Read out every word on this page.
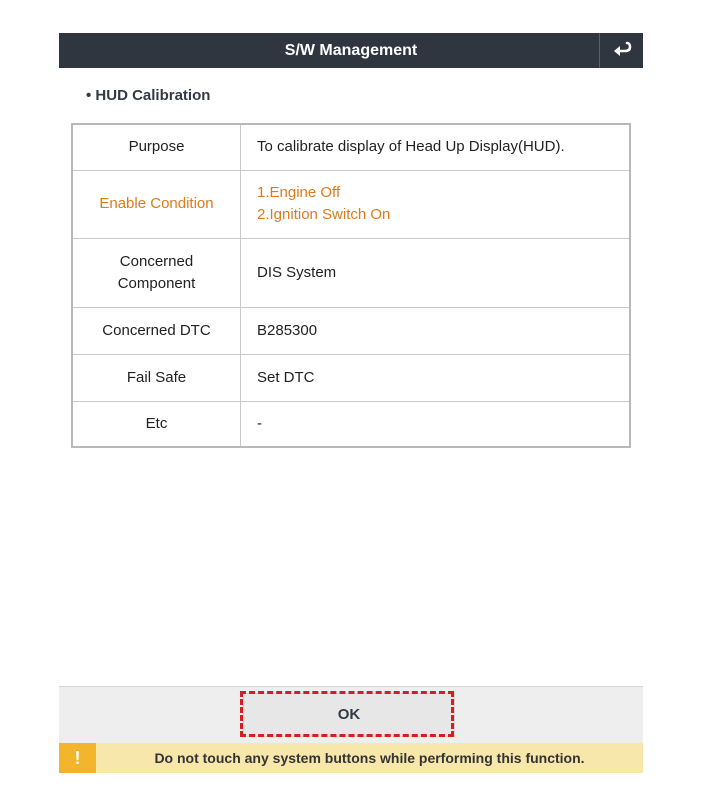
S/W Management
• HUD Calibration
Purpose	To calibrate display of Head Up Display(HUD).
Enable Condition	1.Engine Off
2.Ignition Switch On

Concerned
Component	DIS System
Concerned DTC	B285300
Fail Safe	Set DTC
Etc	-
OK
!	Do not touch any system buttons while performing this function.
